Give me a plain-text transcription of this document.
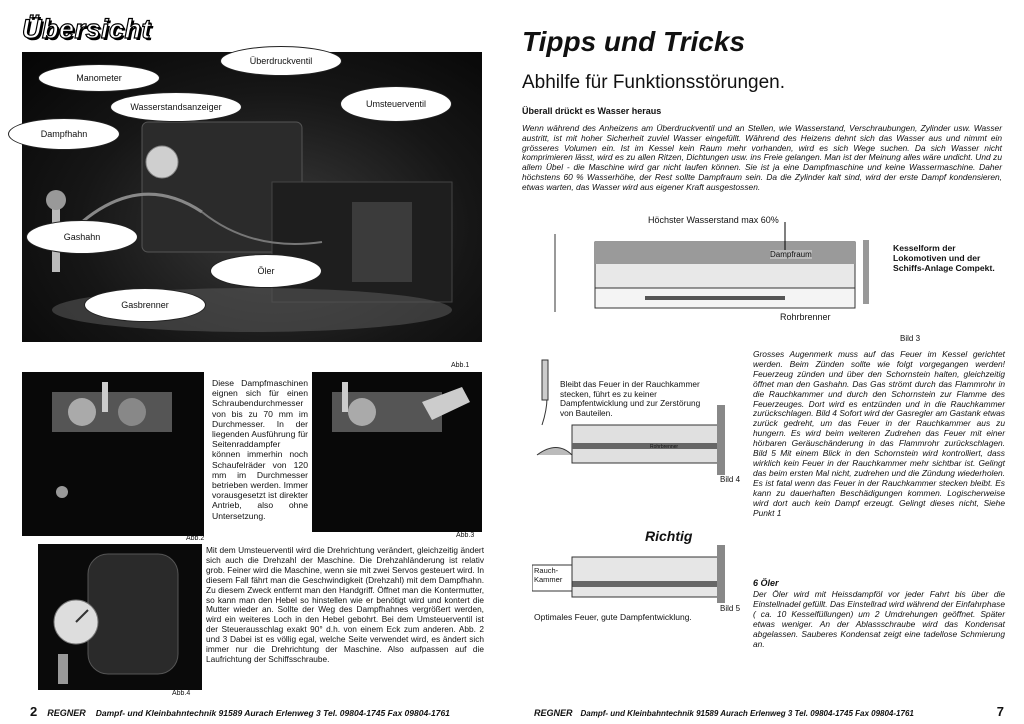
Übersicht
Manometer
Überdruckventil
Wasserstandsanzeiger	Umsteuerventil
Dampfhahn
Gashahn
Öler
Gasbrenner
Abb.1
Diese Dampfmaschinen eignen sich für einen Schraubendurchmesser von bis zu 70 mm im Durchmesser. In der liegenden Ausführung für Seitenraddampfer können immerhin noch Schaufelräder von 120 mm im Durchmesser betrieben werden. Immer vorausgesetzt ist direkter Antrieb, also ohne Untersetzung.
Abb.2	Abb.3
Abb.4
Mit dem Umsteuerventil wird die Drehrichtung verändert, gleichzeitig ändert sich auch die Drehzahl der Maschine. Die Drehzahländerung ist relativ grob. Feiner wird die Maschine, wenn sie mit zwei Servos gesteuert wird. In diesem Fall fährt man die Geschwindigkeit (Drehzahl) mit dem Dampfhahn. Zu diesem Zweck entfernt man den Handgriff. Öffnet man die Kontermutter, so kann man den Hebel so hinstellen wie er benötigt wird und kontert die Mutter wieder an. Sollte der Weg des Dampfhahnes vergrößert werden, wird ein weiteres Loch in den Hebel gebohrt. Bei dem Umsteuerventil ist der Steuerausschlag exakt 90° d.h. von einem Eck zum anderen. Abb. 2 und 3 Dabei ist es völlig egal, welche Seite verwendet wird, es ändert sich immer nur die Drehrichtung der Maschine. Also aufpassen auf die Laufrichtung der Schiffsschraube.
2 REGNER Dampf- und Kleinbahntechnik 91589 Aurach Erlenweg 3 Tel. 09804-1745 Fax 09804-1761
Tipps und Tricks
Abhilfe für Funktionsstörungen.
Überall drückt es Wasser heraus
Wenn während des Anheizens am Überdruckventil und an Stellen, wie Wasserstand, Verschraubungen, Zylinder usw. Wasser austritt, ist mit hoher Sicherheit zuviel Wasser eingefüllt. Während des Heizens dehnt sich das Wasser aus und nimmt ein grösseres Volumen ein. Ist im Kessel kein Raum mehr vorhanden, wird es sich Wege suchen. Da sich Wasser nicht komprimieren lässt, wird es zu allen Ritzen, Dichtungen usw. ins Freie gelangen. Man ist der Meinung alles wäre undicht. Und zu allem Übel - die Maschine wird gar nicht laufen können. Sie ist ja eine Dampfmaschine und keine Wassermaschine. Daher höchstens 60 % Wasserhöhe, der Rest sollte Dampfraum sein. Da die Zylinder kalt sind, wird der erste Dampf kondensieren, etwas warten, das Wasser wird aus eigener Kraft ausgestossen.
Höchster Wasserstand max 60%
Dampfraum
Kesselform der Lokomotiven und der Schiffs-Anlage Compekt.
Rohrbrenner
Bild 3
Bleibt das Feuer in der Rauchkammer stecken, führt es zu keiner Dampfentwicklung und zur Zerstörung von Bauteilen.
Rohrbrenner
Bild 4
Richtig
Rauch-Kammer
Bild 5
Optimales Feuer, gute Dampfentwicklung.
Grosses Augenmerk muss auf das Feuer im Kessel gerichtet werden. Beim Zünden sollte wie folgt vorgegangen werden! Feuerzeug zünden und über den Schornstein halten, gleichzeitig öffnet man den Gashahn. Das Gas strömt durch das Flammrohr in die Rauchkammer und durch den Schornstein zur Flamme des Feuerzeuges. Dort wird es entzünden und in die Rauchkammer zurückschlagen. Bild 4 Sofort wird der Gasregler am Gastank etwas zurück gedreht, um das Feuer in der Rauchkammer aus zu hungern. Es wird beim weiteren Zudrehen das Feuer mit einer hörbaren Geräuschänderung in das Flammrohr zurückschlagen. Bild 5 Mit einem Blick in den Schornstein wird kontrolliert, dass wirklich kein Feuer in der Rauchkammer mehr sichtbar ist. Gelingt das beim ersten Mal nicht, zudrehen und die Zündung wiederholen. Es ist fatal wenn das Feuer in der Rauchkammer stecken bleibt. Es kann zu dauerhaften Beschädigungen kommen. Logischerweise wird dort auch kein Dampf erzeugt. Gelingt dieses nicht, Siehe Punkt 1
6 Öler
Der Öler wird mit Heissdampföl vor jeder Fahrt bis über die Einstellnadel gefüllt. Das Einstellrad wird während der Einfahrphase ( ca. 10 Kesselfüllungen) um 2 Umdrehungen geöffnet. Später etwas weniger. An der Ablassschraube wird das Kondensat abgelassen. Sauberes Kondensat zeigt eine tadellose Schmierung an.
REGNER Dampf- und Kleinbahntechnik 91589 Aurach Erlenweg 3 Tel. 09804-1745 Fax 09804-1761	7
